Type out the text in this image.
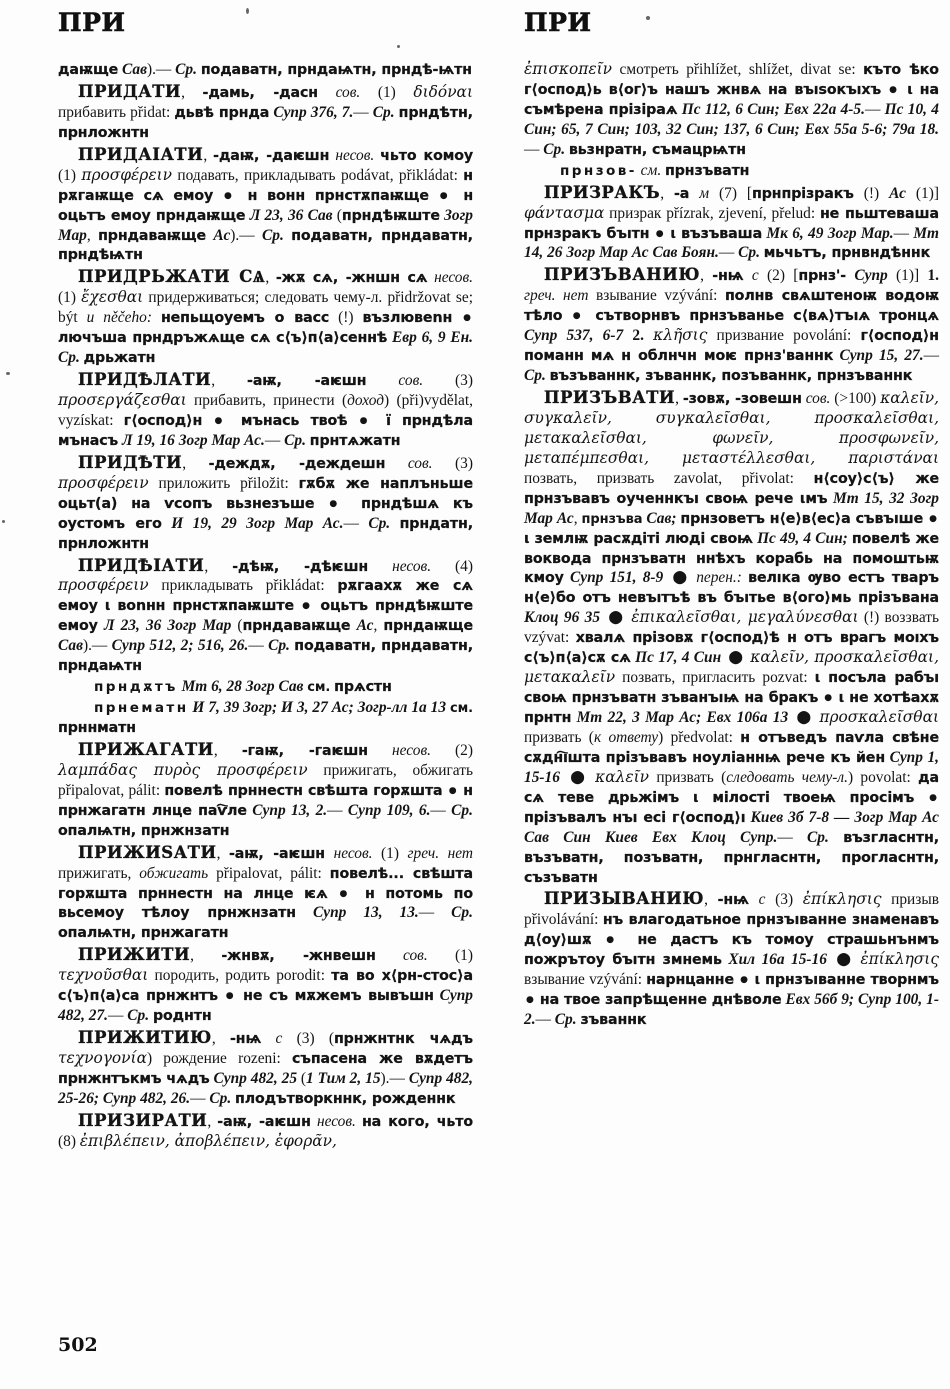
ПРИ	ПРИ

даѭще Сав).— Ср. подаватн, прндаѩтн, прндѣ-ѩтн

ПРИДАТИ, -дамь, -дасн сов. (1) διδόναι прибавить přidat: дьвѣ прнда Супр 376, 7.— Ср. прндѣтн, прнложнтн

ПРИДАІАТИ, -даѭ, -даѥшн несов. чьто комоу (1) προσφέρειν подавать, прикладывать podávat, přikládat: н рѫгаѭще сѧ емоу ● н вонн прнстѫпаѭще ● н оцьтъ емоу прндаѭще Л 23, 36 Сав (прндѣѭште Зогр Мар, прндаваѭще Ас).— Ср. подаватн, прндаватн, прндѣѩтн

ПРИДРЬЖАТИ СѦ, -жѫ сѧ, -жншн сѧ несов. (1) ἔχεσθαι придерживаться; следовать чему-л. přidržovat se; být и něčeho: непьщоуемъ о васс (!) възлювеnн ● лючъша прндръжѧще сѧ с⟨ъ⟩п⟨а⟩сеннѣ Евр 6, 9 Ен. Ср. дрьжатн

ПРИДѢЛАТИ, -аѭ, -аѥшн сов. (3) προσεργάζεσθαι прибавить, принести (доход) (při)vydělat, vyzískat: г⟨оспод⟩н ● мънась твоѣ ● ї прндѣла мънасъ Л 19, 16 Зогр Мар Ас.— Ср. прнтѧжатн

ПРИДѢТИ, -деждѫ, -деждешн сов. (3) προσφέρειν приложить přiložit: гѫбѫ же наплъньше оцьт(а) на ѵсопъ вьзнезъше ● прндѣшѧ къ оустомъ его И 19, 29 Зогр Мар Ас.— Ср. прндатн, прнложнтн

ПРИДѢІАТИ, -дѣѭ, -дѣѥшн несов. (4) προσφέρειν прикладывать přikládat: рѫгаахѫ же сѧ емоу ι вonнн прнстѫпаѭште ● оцьтъ прндѣѭште емоу Л 23, 36 Зогр Мар (прндаваѭще Ас, прндаѭще Сав).— Супр 512, 2; 516, 26.— Ср. подаватн, прндаватн, прндаѩтн

прндѫтъ Мт 6, 28 Зогр Сав см. прѧстн

прнематн И 7, 39 Зогр; И 3, 27 Ас; Зогр-лл 1а 13 см. прннматн

ПРИЖАГАТИ, -гаѭ, -гаѥшн несов. (2) λαμπάδας πυρὸς προσφέρειν прижигать, обжигать připalovat, pálit: повелѣ прннестн свѣшта горѫшта ● н прнжагатн лнце паѵ҇ле Супр 13, 2.— Супр 109, 6.— Ср. опалѩтн, прнжнзатн

ПРИЖИЅАТИ, -аѭ, -аѥшн несов. (1) греч. нет прижигать, обжигать připalovat, pálit: повелѣ... свѣшта горѫшта прннестн на лнце ѥѧ ● н потомь по вьсемоу тѣлоу прнжнзатн Супр 13, 13.— Ср. опалѩтн, прнжагатн

ПРИЖИТИ, -жнвѫ, -жнвешн сов. (1) τεχνοῦσθαι породить, родить porodit: та во х⟨рн-стос⟩а с⟨ъ⟩п⟨а⟩са прнжнтъ ● не съ мѫжемъ вывъшн Супр 482, 27.— Ср. роднтн

ПРИЖИТИЮ, -нѩ с (3) (прнжнтнк чѧдъ τεχνογονία) рождение rozeni: съпасена же вѫдетъ прнжнтъкмъ чѧдъ Супр 482, 25 (1 Тим 2, 15).— Супр 482, 25-26; Супр 482, 26.— Ср. плодътворкннк, рожденнк

ПРИЗИРАТИ, -аѭ, -аѥшн несов. на кого, чьто (8) ἐπιβλέπειν, ἀποβλέπειν, ἐφορᾶν,

ἐπισκοπεῖν смотреть přihlížet, shlížet, divat se: къто ѣко г⟨оспод⟩ь в⟨ог⟩ъ нашъ жнвѧ на въısокъıхъ ● ι на съмѣрена прізіраѧ Пс 112, 6 Син; Евх 22а 4-5.— Пс 10, 4 Син; 65, 7 Син; 103, 32 Син; 137, 6 Син; Евх 55а 5-6; 79а 18.— Ср. вьзнратн, съмацрѩтн

прнзов- см. прнзъватн

ПРИЗРАКЪ, -а м (7) [прнпрізракъ (!) Ас (1)] φάντασμα призрак přízrak, zjevení, přelud: не пьштеваша прнзракъ бъıтн ● ι възъваша Мк 6, 49 Зогр Мар.— Мт 14, 26 Зогр Мар Ас Сав Боян.— Ср. мьчьтъ, прнвндѣннк

ПРИЗЪВАНИЮ, -нѩ с (2) [прнз'- Супр (1)] 1. греч. нет взывание vzývání: полнв свѧштеноѭ водоѭ тѣло ● сътворнвъ прнзъванье с⟨вѧ⟩тъıѧ тронцѧ Супр 537, 6-7 2. κλῆσις призвание povolání: г⟨оспод⟩н поманн мѧ н облнчн моѥ прнз'ваннк Супр 15, 27.— Ср. възъваннк, зъваннк, позъваннк, прнзъваннк

ПРИЗЪВАТИ, -зовѫ, -зовешн сов. (>100) καλεῖν, συγκαλεῖν, συγκαλεῖσθαι, προσκαλεῖσθαι, μετακαλεῖσθαι, φωνεῖν, προσφωνεῖν, μεταπέμπεσθαι, μεταστέλλεσθαι, παριστάναι позвать, призвать zavolat, přivolat: н⟨соу⟩с⟨ъ⟩ же прнзъвавъ оученнкъı своѩ рече ιмъ Мт 15, 32 Зогр Мар Ас, прнзъва Сав; прнзоветъ н⟨е⟩в⟨ес⟩а съвъıше ● ι землѭ расѫдіті люді своѩ Пс 49, 4 Син; повелѣ же воквода прнзъватн ннѣхъ корабь на помоштьѭ кмоу Супр 151, 8-9 ⬤ перен.: велıка ѹво естъ тваръ н⟨е⟩бо отъ невъıтъѣ въ бъıтье в⟨ого⟩мь прізъвана Клоц 96 35 ⬤ ἐπικαλεῖσθαι, μεγαλύνεσθαι (!) воззвать vzývat: хвалѧ прізовѫ г⟨оспод⟩ѣ н отъ врагъ моıхъ с⟨ъ⟩п⟨а⟩сѫ сѧ Пс 17, 4 Син ⬤ καλεῖν, προσκαλεῖσθαι, μετακαλεῖν позвать, пригласить pozvat: ι посъла рабъı своѩ прнзъватн зъванъıѩ на бракъ ● ι не хотѣахѫ прнтн Мт 22, 3 Мар Ас; Евх 106а 13 ⬤ προσκαλεῖσθαι призвать (к ответу) předvolat: н отъведъ паѵла свѣне сѫднı҇шта прізъвавъ ноуліаннѩ рече къ йен Супр 1, 15-16 ⬤ καλεῖν призвать (следовать чему-л.) povolat: да сѧ теве дрьжімъ ι мілості твоеѩ просімъ ● прізъвалъ нъı есі г⟨оспод⟩ı Киев 3б 7-8 — Зогр Мар Ас Сав Син Киев Евх Клоц Супр.— Ср. възгласнтн, възъватн, позъватн, прнгласнтн, прогласнтн, съзъватн

ПРИЗЫВАНИЮ, -нѩ с (3) ἐπίκλησις призыв přivolávání: нъ влагодатьное прнзъıванне знаменавъ д⟨оу⟩шѫ ● не дастъ къ томоу страшьнънмъ пожрътоу бъıтн змнемь Хил 16а 15-16 ⬤ ἐπίκλησις взывание vzývání: нарнцанне ● ι прнзъıванне творнмъ ● на твое запрѣщенне днѣволе Евх 56б 9; Супр 100, 1-2.— Ср. зъваннк

502
